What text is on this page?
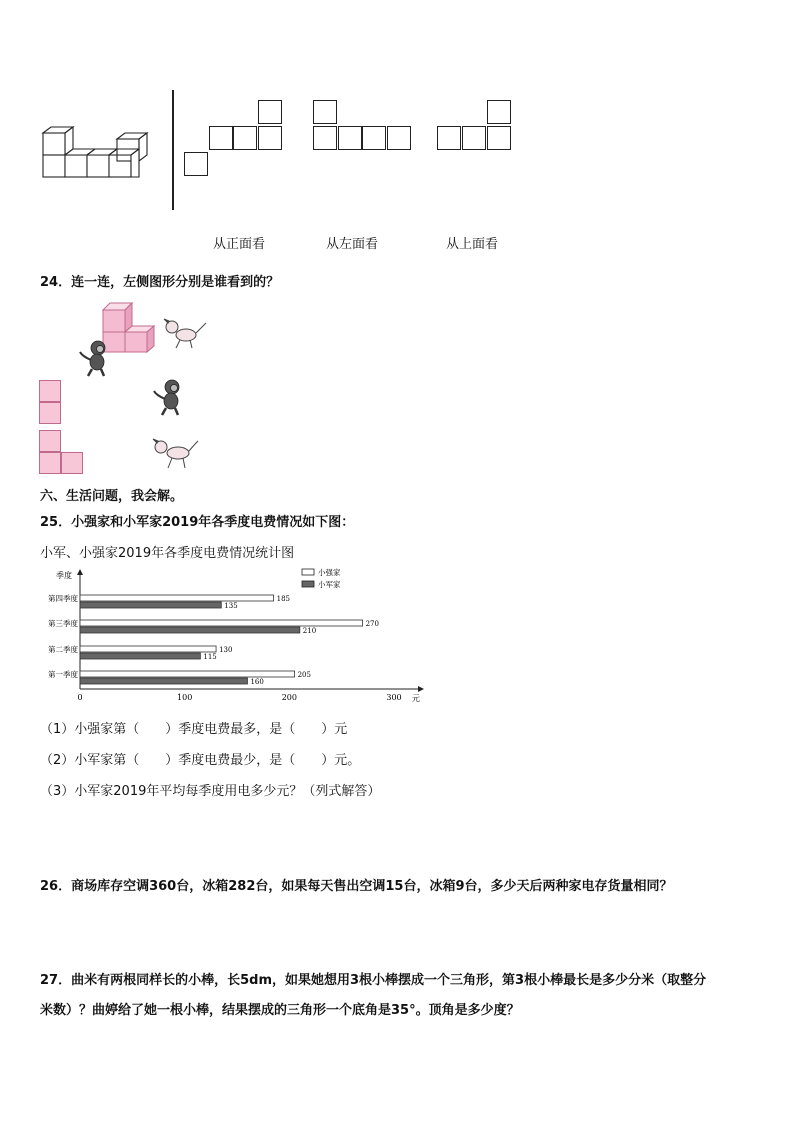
从正面看	从左面看	从上面看
24．连一连，左侧图形分别是谁看到的？
六、生活问题，我会解。
25．小强家和小军家2019年各季度电费情况如下图：
小军、小强家2019年各季度电费情况统计图
季度
元
0	100	200	300
小强家
小军家
第四季度	185
135
第三季度	270
210
第二季度	130
115
第一季度	205
160
（1）小强家第（　　）季度电费最多，是（　　）元
（2）小军家第（　　）季度电费最少，是（　　）元。
（3）小军家2019年平均每季度用电多少元？（列式解答）
26．商场库存空调360台，冰箱282台，如果每天售出空调15台，冰箱9台，多少天后两种家电存货量相同？
27．曲米有两根同样长的小棒，长5dm，如果她想用3根小棒摆成一个三角形，第3根小棒最长是多少分米（取整分
米数）？曲婷给了她一根小棒，结果摆成的三角形一个底角是35°。顶角是多少度？
